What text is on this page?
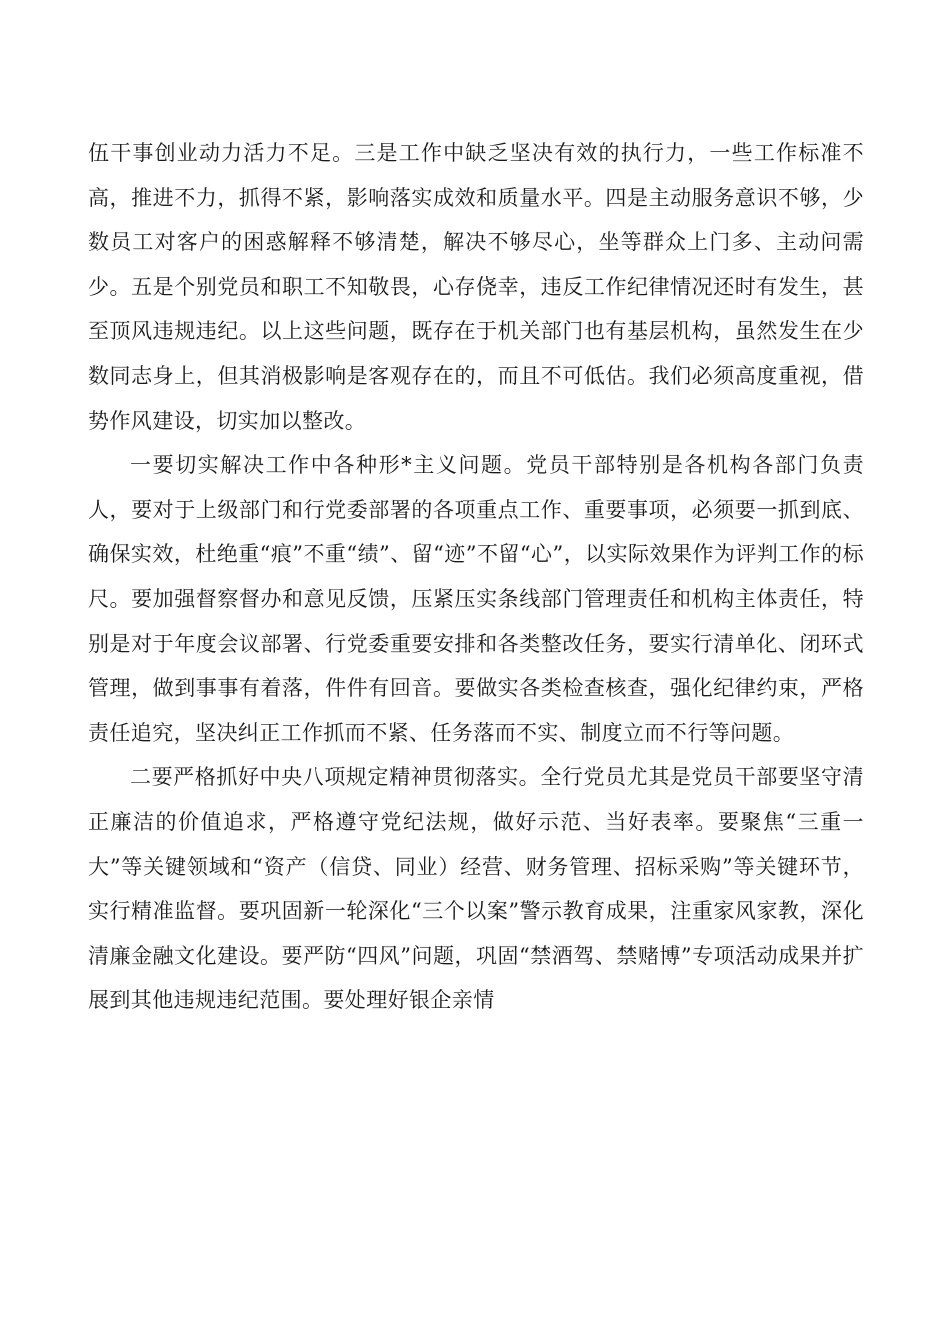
伍干事创业动力活力不足。三是工作中缺乏坚决有效的执行力，一些工作标准不高，推进不力，抓得不紧，影响落实成效和质量水平。四是主动服务意识不够，少数员工对客户的困惑解释不够清楚，解决不够尽心，坐等群众上门多、主动问需少。五是个别党员和职工不知敬畏，心存侥幸，违反工作纪律情况还时有发生，甚至顶风违规违纪。以上这些问题，既存在于机关部门也有基层机构，虽然发生在少数同志身上，但其消极影响是客观存在的，而且不可低估。我们必须高度重视，借势作风建设，切实加以整改。

一要切实解决工作中各种形*主义问题。党员干部特别是各机构各部门负责人，要对于上级部门和行党委部署的各项重点工作、重要事项，必须要一抓到底、确保实效，杜绝重“痕”不重“绩”、留“迹”不留“心”，以实际效果作为评判工作的标尺。要加强督察督办和意见反馈，压紧压实条线部门管理责任和机构主体责任，特别是对于年度会议部署、行党委重要安排和各类整改任务，要实行清单化、闭环式管理，做到事事有着落，件件有回音。要做实各类检查核查，强化纪律约束，严格责任追究，坚决纠正工作抓而不紧、任务落而不实、制度立而不行等问题。

二要严格抓好中央八项规定精神贯彻落实。全行党员尤其是党员干部要坚守清正廉洁的价值追求，严格遵守党纪法规，做好示范、当好表率。要聚焦“三重一大”等关键领域和“资产（信贷、同业）经营、财务管理、招标采购”等关键环节，实行精准监督。要巩固新一轮深化“三个以案”警示教育成果，注重家风家教，深化清廉金融文化建设。要严防“四风”问题，巩固“禁酒驾、禁赌博”专项活动成果并扩展到其他违规违纪范围。要处理好银企亲情
